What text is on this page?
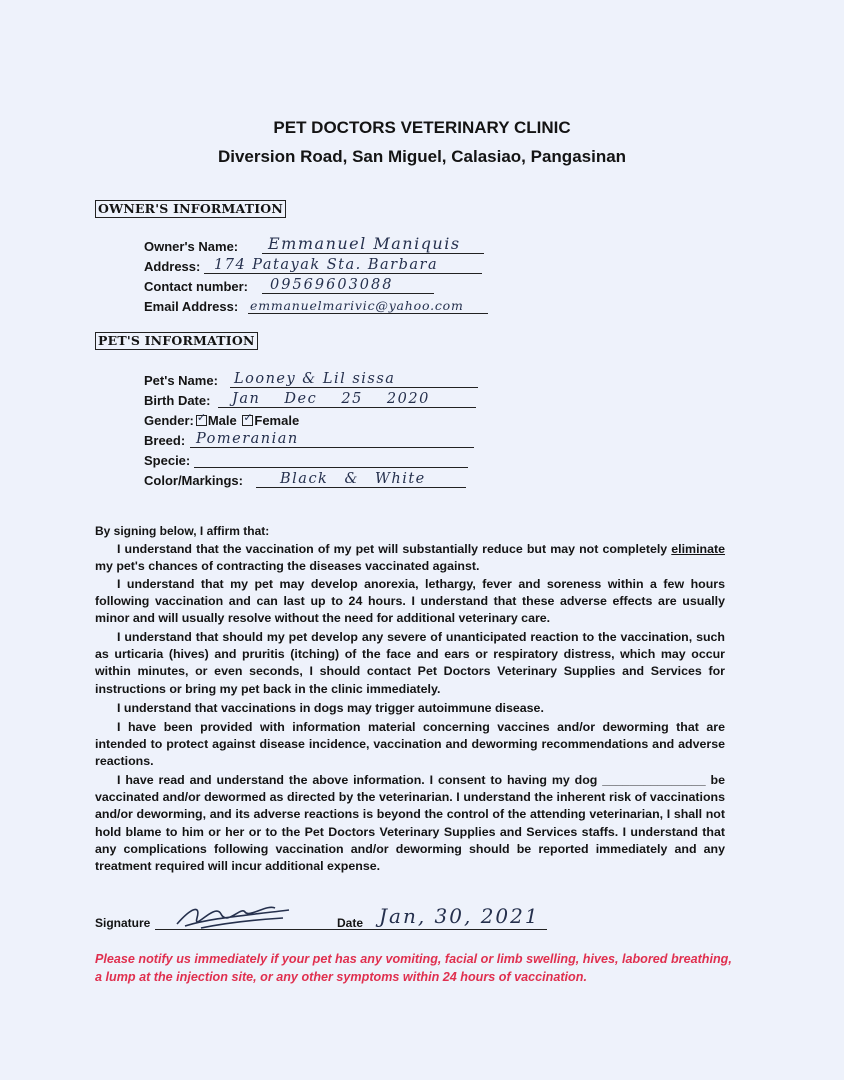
PET DOCTORS VETERINARY CLINIC
Diversion Road, San Miguel, Calasiao, Pangasinan
OWNER'S INFORMATION
Owner's Name: Emmanuel Maniquis
Address: 174 Patayak Sta. Barbara
Contact number: 09569603088
Email Address: emmanuelmarivic@yahoo.com
PET'S INFORMATION
Pet's Name: Looney & Lil sissa
Birth Date: Jan Dec 25 2020
Gender: ✓ Male ✓ Female
Breed: Pomeranian
Specie:
Color/Markings:	Black & White
By signing below, I affirm that:

I understand that the vaccination of my pet will substantially reduce but may not completely eliminate my pet's chances of contracting the diseases vaccinated against.

I understand that my pet may develop anorexia, lethargy, fever and soreness within a few hours following vaccination and can last up to 24 hours. I understand that these adverse effects are usually minor and will usually resolve without the need for additional veterinary care.

I understand that should my pet develop any severe of unanticipated reaction to the vaccination, such as urticaria (hives) and pruritis (itching) of the face and ears or respiratory distress, which may occur within minutes, or even seconds, I should contact Pet Doctors Veterinary Supplies and Services for instructions or bring my pet back in the clinic immediately.

I understand that vaccinations in dogs may trigger autoimmune disease.

I have been provided with information material concerning vaccines and/or deworming that are intended to protect against disease incidence, vaccination and deworming recommendations and adverse reactions.

I have read and understand the above information. I consent to having my dog _______________ be vaccinated and/or dewormed as directed by the veterinarian. I understand the inherent risk of vaccinations and/or deworming, and its adverse reactions is beyond the control of the attending veterinarian, I shall not hold blame to him or her or to the Pet Doctors Veterinary Supplies and Services staffs. I understand that any complications following vaccination and/or deworming should be reported immediately and any treatment required will incur additional expense.

Signature	Date Jan, 30, 2021
Please notify us immediately if your pet has any vomiting, facial or limb swelling, hives, labored breathing, a lump at the injection site, or any other symptoms within 24 hours of vaccination.
